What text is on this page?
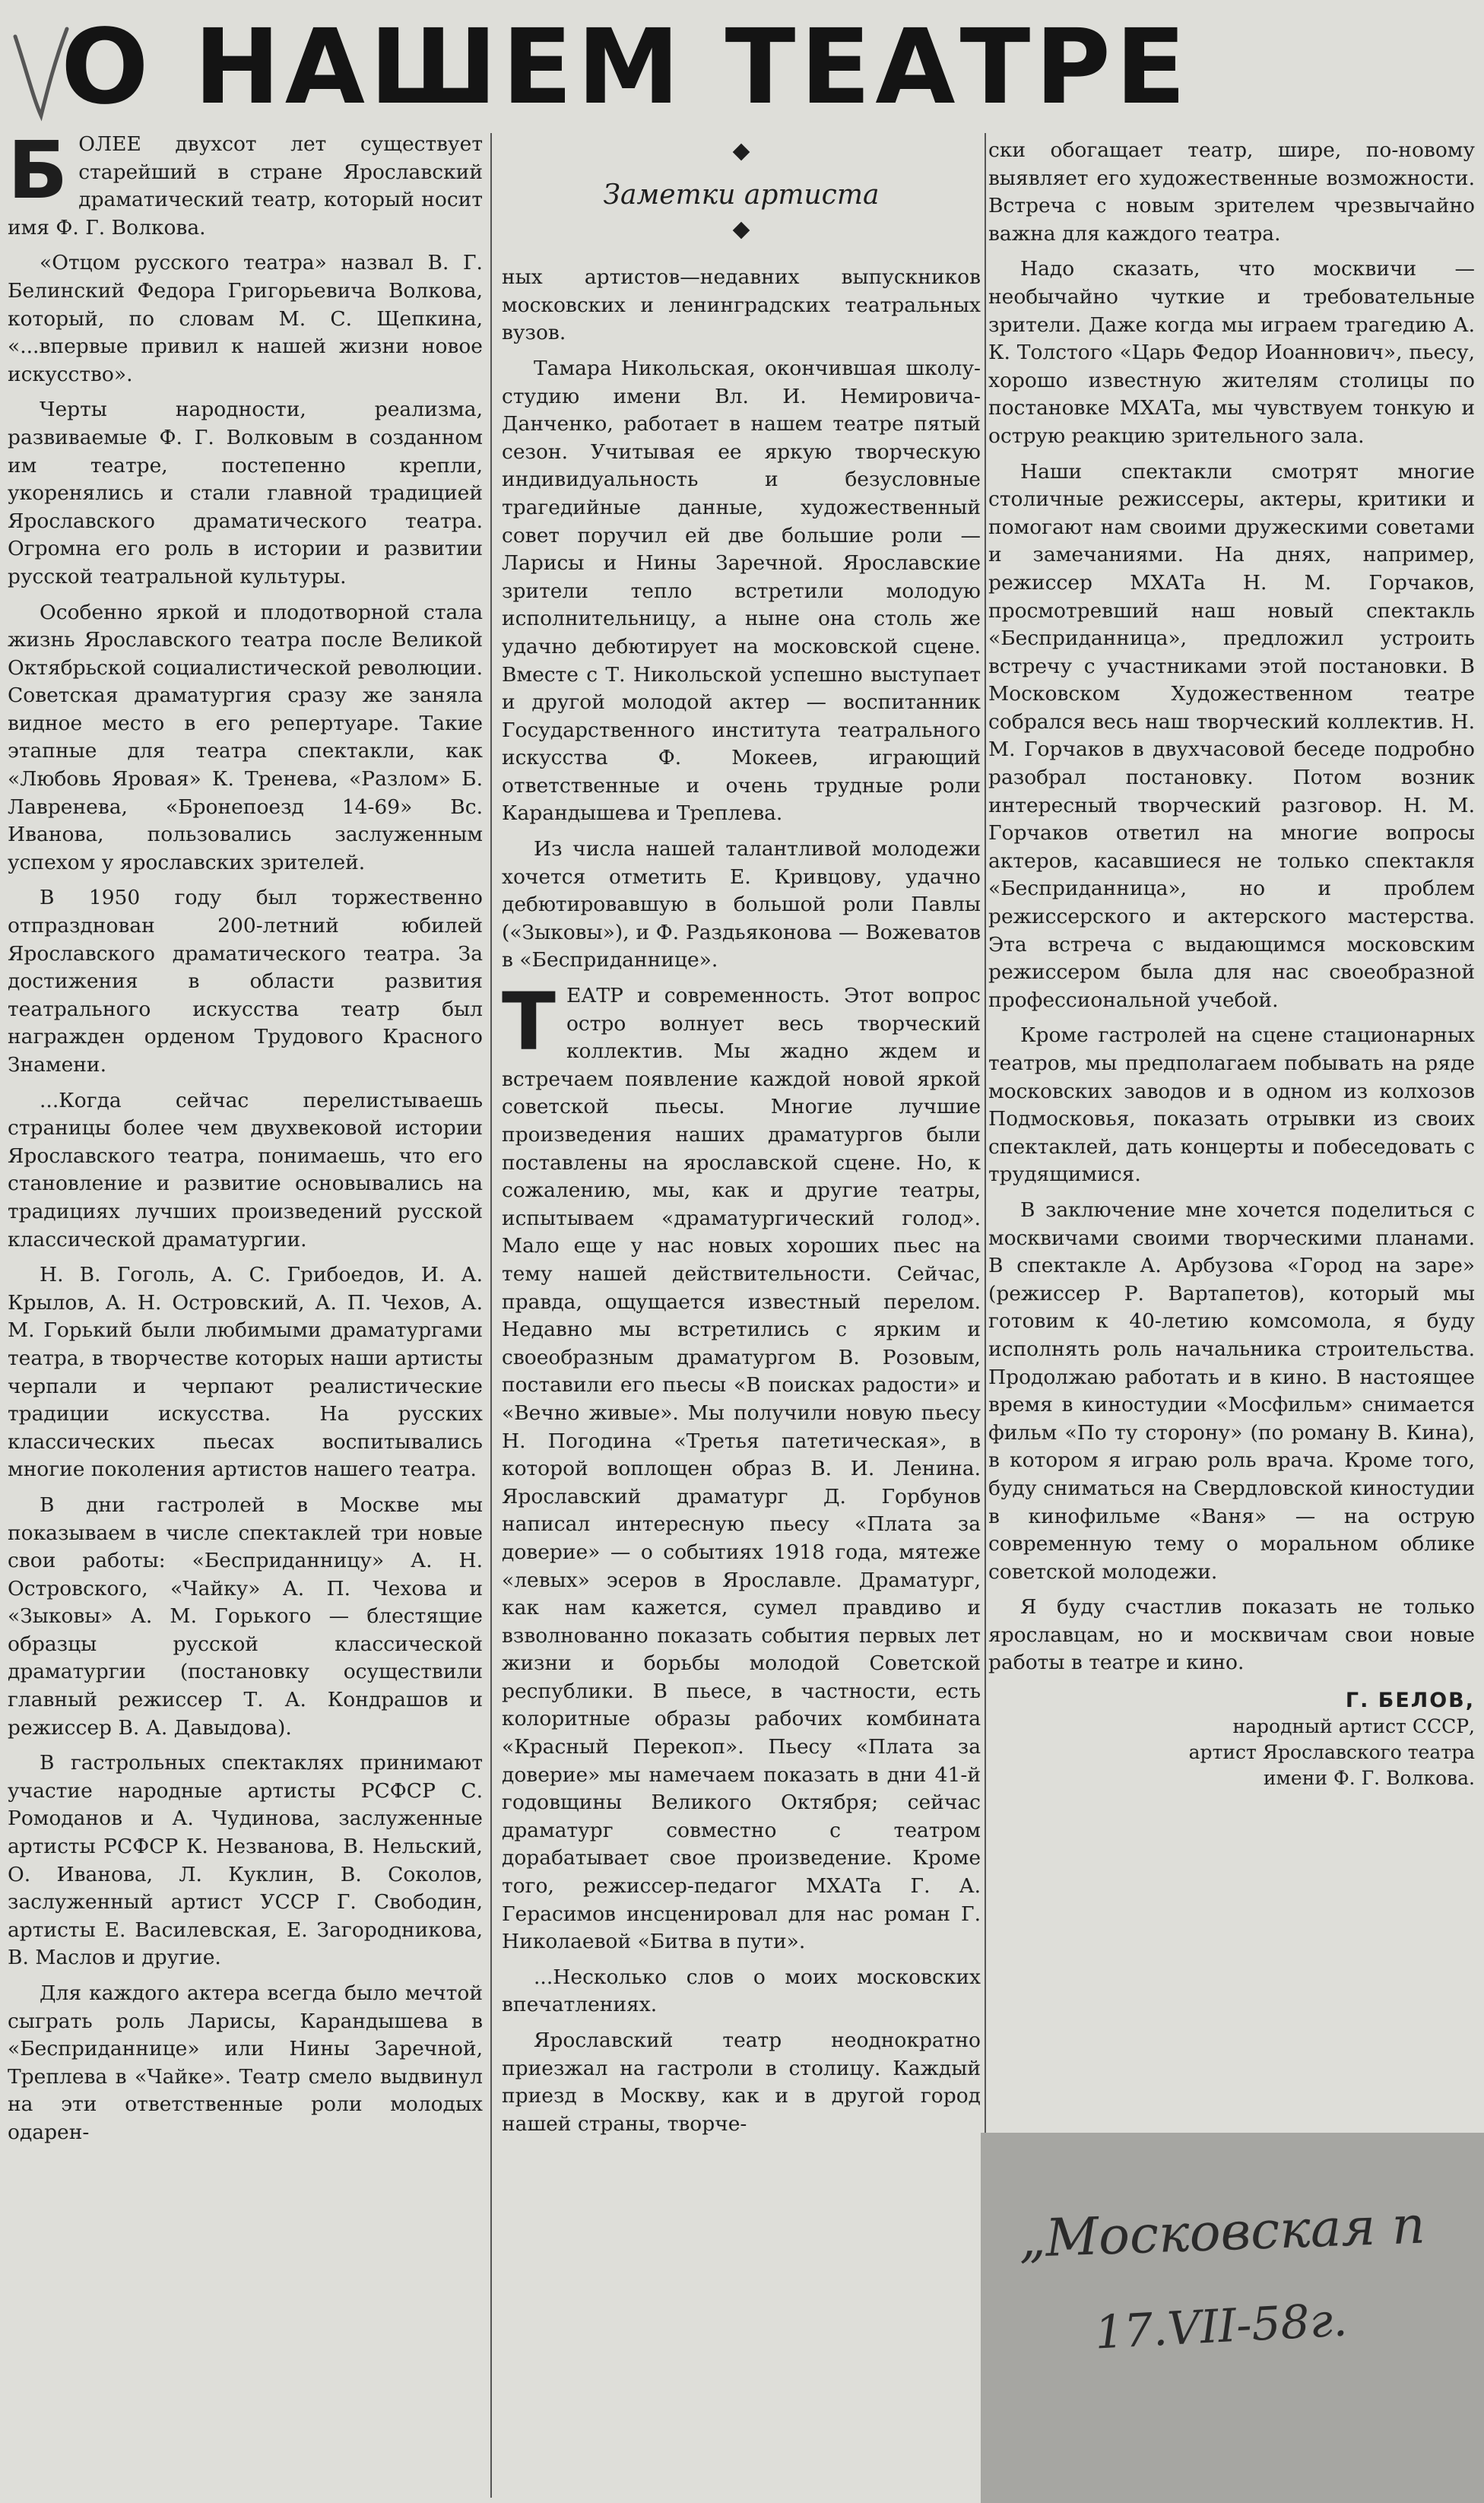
О НАШЕМ ТЕАТРЕ

БОЛЕЕ двухсот лет существует старейший в стране Ярославский драматический театр, который носит имя Ф. Г. Волкова.

«Отцом русского театра» назвал В. Г. Белинский Федора Григорьевича Волкова, который, по словам М. С. Щепкина, «...впервые привил к нашей жизни новое искусство».

Черты народности, реализма, развиваемые Ф. Г. Волковым в созданном им театре, постепенно крепли, укоренялись и стали главной традицией Ярославского драматического театра. Огромна его роль в истории и развитии русской театральной культуры.

Особенно яркой и плодотворной стала жизнь Ярославского театра после Великой Октябрьской социалистической революции. Советская драматургия сразу же заняла видное место в его репертуаре. Такие этапные для театра спектакли, как «Любовь Яровая» К. Тренева, «Разлом» Б. Лавренева, «Бронепоезд 14-69» Вс. Иванова, пользовались заслуженным успехом у ярославских зрителей.

В 1950 году был торжественно отпразднован 200-летний юбилей Ярославского драматического театра. За достижения в области развития театрального искусства театр был награжден орденом Трудового Красного Знамени.

...Когда сейчас перелистываешь страницы более чем двухвековой истории Ярославского театра, понимаешь, что его становление и развитие основывались на традициях лучших произведений русской классической драматургии.

Н. В. Гоголь, А. С. Грибоедов, И. А. Крылов, А. Н. Островский, А. П. Чехов, А. М. Горький были любимыми драматургами театра, в творчестве которых наши артисты черпали и черпают реалистические традиции искусства. На русских классических пьесах воспитывались многие поколения артистов нашего театра.

В дни гастролей в Москве мы показываем в числе спектаклей три новые свои работы: «Бесприданницу» А. Н. Островского, «Чайку» А. П. Чехова и «Зыковы» А. М. Горького — блестящие образцы русской классической драматургии (постановку осуществили главный режиссер Т. А. Кондрашов и режиссер В. А. Давыдова).

В гастрольных спектаклях принимают участие народные артисты РСФСР С. Ромоданов и А. Чудинова, заслуженные артисты РСФСР К. Незванова, В. Нельский, О. Иванова, Л. Куклин, В. Соколов, заслуженный артист УССР Г. Свободин, артисты Е. Василевская, Е. Загородникова, В. Маслов и другие.

Для каждого актера всегда было мечтой сыграть роль Ларисы, Карандышева в «Бесприданнице» или Нины Заречной, Треплева в «Чайке». Театр смело выдвинул на эти ответственные роли молодых одарен-

Заметки артиста

ных артистов—недавних выпускников московских и ленинградских театральных вузов.

Тамара Никольская, окончившая школу-студию имени Вл. И. Немировича-Данченко, работает в нашем театре пятый сезон. Учитывая ее яркую творческую индивидуальность и безусловные трагедийные данные, художественный совет поручил ей две большие роли — Ларисы и Нины Заречной. Ярославские зрители тепло встретили молодую исполнительницу, а ныне она столь же удачно дебютирует на московской сцене. Вместе с Т. Никольской успешно выступает и другой молодой актер — воспитанник Государственного института театрального искусства Ф. Мокеев, играющий ответственные и очень трудные роли Карандышева и Треплева.

Из числа нашей талантливой молодежи хочется отметить Е. Кривцову, удачно дебютировавшую в большой роли Павлы («Зыковы»), и Ф. Раздьяконова — Вожеватов в «Бесприданнице».

ТЕАТР и современность. Этот вопрос остро волнует весь творческий коллектив. Мы жадно ждем и встречаем появление каждой новой яркой советской пьесы. Многие лучшие произведения наших драматургов были поставлены на ярославской сцене. Но, к сожалению, мы, как и другие театры, испытываем «драматургический голод». Мало еще у нас новых хороших пьес на тему нашей действительности. Сейчас, правда, ощущается известный перелом. Недавно мы встретились с ярким и своеобразным драматургом В. Розовым, поставили его пьесы «В поисках радости» и «Вечно живые». Мы получили новую пьесу Н. Погодина «Третья патетическая», в которой воплощен образ В. И. Ленина. Ярославский драматург Д. Горбунов написал интересную пьесу «Плата за доверие» — о событиях 1918 года, мятеже «левых» эсеров в Ярославле. Драматург, как нам кажется, сумел правдиво и взволнованно показать события первых лет жизни и борьбы молодой Советской республики. В пьесе, в частности, есть колоритные образы рабочих комбината «Красный Перекоп». Пьесу «Плата за доверие» мы намечаем показать в дни 41-й годовщины Великого Октября; сейчас драматург совместно с театром дорабатывает свое произведение. Кроме того, режиссер-педагог МХАТа Г. А. Герасимов инсценировал для нас роман Г. Николаевой «Битва в пути».

...Несколько слов о моих московских впечатлениях.

Ярославский театр неоднократно приезжал на гастроли в столицу. Каждый приезд в Москву, как и в другой город нашей страны, творче-

ски обогащает театр, шире, по-новому выявляет его художественные возможности. Встреча с новым зрителем чрезвычайно важна для каждого театра.

Надо сказать, что москвичи — необычайно чуткие и требовательные зрители. Даже когда мы играем трагедию А. К. Толстого «Царь Федор Иоаннович», пьесу, хорошо известную жителям столицы по постановке МХАТа, мы чувствуем тонкую и острую реакцию зрительного зала.

Наши спектакли смотрят многие столичные режиссеры, актеры, критики и помогают нам своими дружескими советами и замечаниями. На днях, например, режиссер МХАТа Н. М. Горчаков, просмотревший наш новый спектакль «Бесприданница», предложил устроить встречу с участниками этой постановки. В Московском Художественном театре собрался весь наш творческий коллектив. Н. М. Горчаков в двухчасовой беседе подробно разобрал постановку. Потом возник интересный творческий разговор. Н. М. Горчаков ответил на многие вопросы актеров, касавшиеся не только спектакля «Бесприданница», но и проблем режиссерского и актерского мастерства. Эта встреча с выдающимся московским режиссером была для нас своеобразной профессиональной учебой.

Кроме гастролей на сцене стационарных театров, мы предполагаем побывать на ряде московских заводов и в одном из колхозов Подмосковья, показать отрывки из своих спектаклей, дать концерты и побеседовать с трудящимися.

В заключение мне хочется поделиться с москвичами своими творческими планами. В спектакле А. Арбузова «Город на заре» (режиссер Р. Вартапетов), который мы готовим к 40-летию комсомола, я буду исполнять роль начальника строительства. Продолжаю работать и в кино. В настоящее время в киностудии «Мосфильм» снимается фильм «По ту сторону» (по роману В. Кина), в котором я играю роль врача. Кроме того, буду сниматься на Свердловской киностудии в кинофильме «Ваня» — на острую современную тему о моральном облике советской молодежи.

Я буду счастлив показать не только ярославцам, но и москвичам свои новые работы в театре и кино.

Г. БЕЛОВ,
народный артист СССР,
артист Ярославского театра
имени Ф. Г. Волкова.
„Московская п
17.VII-58г.
